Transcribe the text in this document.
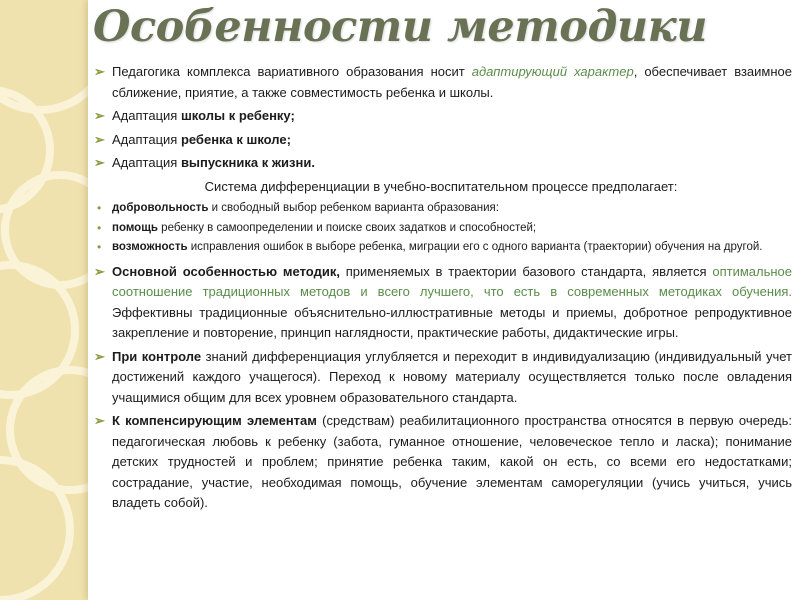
Особенности методики
➢ Педагогика комплекса вариативного образования носит адаптирующий характер, обеспечивает взаимное сближение, приятие, а также совместимость ребенка и школы.
➢ Адаптация школы к ребенку;
➢ Адаптация ребенка к школе;
➢ Адаптация выпускника к жизни.
Система дифференциации в учебно-воспитательном процессе предполагает:
• добровольность и свободный выбор ребенком варианта образования:
• помощь ребенку в самоопределении и поиске своих задатков и способностей;
• возможность исправления ошибок в выборе ребенка, миграции его с одного варианта (траектории) обучения на другой.
➢ Основной особенностью методик, применяемых в траектории базового стандарта, является оптимальное соотношение традиционных методов и всего лучшего, что есть в современных методиках обучения. Эффективны традиционные объяснительно-иллюстративные методы и приемы, добротное репродуктивное закрепление и повторение, принцип наглядности, практические работы, дидактические игры.
➢ При контроле знаний дифференциация углубляется и переходит в индивидуализацию (индивидуальный учет достижений каждого учащегося). Переход к новому материалу осуществляется только после овладения учащимися общим для всех уровнем образовательного стандарта.
➢ К компенсирующим элементам (средствам) реабилитационного пространства относятся в первую очередь: педагогическая любовь к ребенку (забота, гуманное отношение, человеческое тепло и ласка); понимание детских трудностей и проблем; принятие ребенка таким, какой он есть, со всеми его недостатками; сострадание, участие, необходимая помощь, обучение элементам саморегуляции (учись учиться, учись владеть собой).
